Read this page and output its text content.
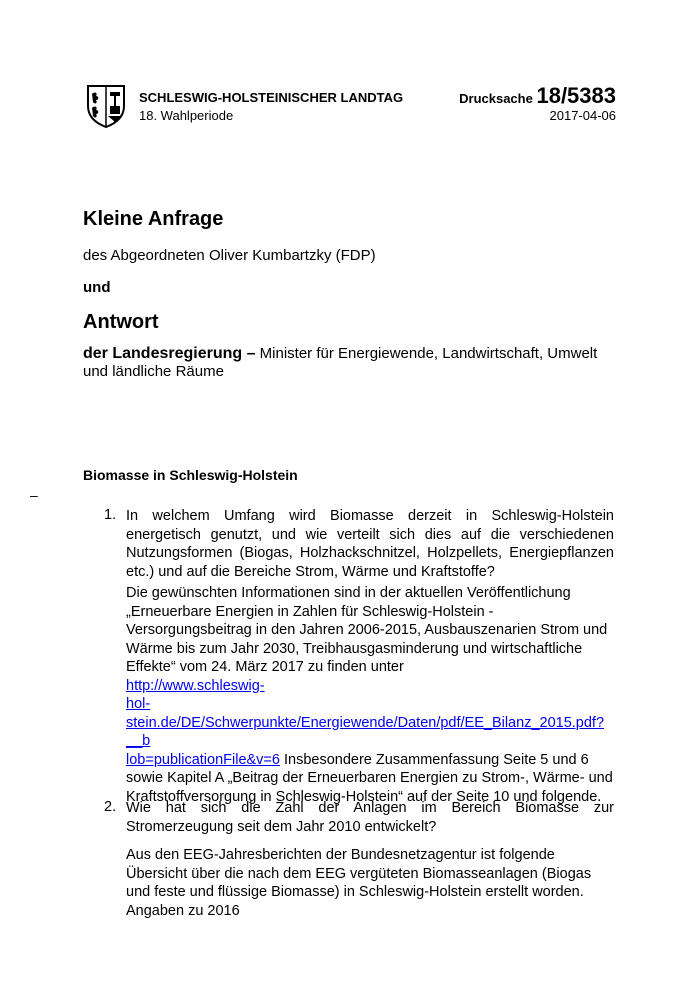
SCHLESWIG-HOLSTEINISCHER LANDTAG
18. Wahlperiode
Drucksache 18/5383
2017-04-06
Kleine Anfrage
des Abgeordneten Oliver Kumbartzky (FDP)
und
Antwort
der Landesregierung – Minister für Energiewende, Landwirtschaft, Umwelt und ländliche Räume
Biomasse in Schleswig-Holstein
–
1. In welchem Umfang wird Biomasse derzeit in Schleswig-Holstein energetisch genutzt, und wie verteilt sich dies auf die verschiedenen Nutzungsformen (Biogas, Holzhackschnitzel, Holzpellets, Energiepflanzen etc.) und auf die Bereiche Strom, Wärme und Kraftstoffe?
Die gewünschten Informationen sind in der aktuellen Veröffentlichung „Erneuerbare Energien in Zahlen für Schleswig-Holstein - Versorgungsbeitrag in den Jahren 2006-2015, Ausbauszenarien Strom und Wärme bis zum Jahr 2030, Treibhausgasminderung und wirtschaftliche Effekte“ vom 24. März 2017 zu finden unter
http://www.schleswig-
hol-
stein.de/DE/Schwerpunkte/Energiewende/Daten/pdf/EE_Bilanz_2015.pdf?__b
lob=publicationFile&v=6 Insbesondere Zusammenfassung Seite 5 und 6 sowie Kapitel A „Beitrag der Erneuerbaren Energien zu Strom-, Wärme- und Kraftstoffversorgung in Schleswig-Holstein“ auf der Seite 10 und folgende.
2. Wie hat sich die Zahl der Anlagen im Bereich Biomasse zur Stromerzeugung seit dem Jahr 2010 entwickelt?
Aus den EEG-Jahresberichten der Bundesnetzagentur ist folgende Übersicht über die nach dem EEG vergüteten Biomasseanlagen (Biogas und feste und flüssige Biomasse) in Schleswig-Holstein erstellt worden. Angaben zu 2016
